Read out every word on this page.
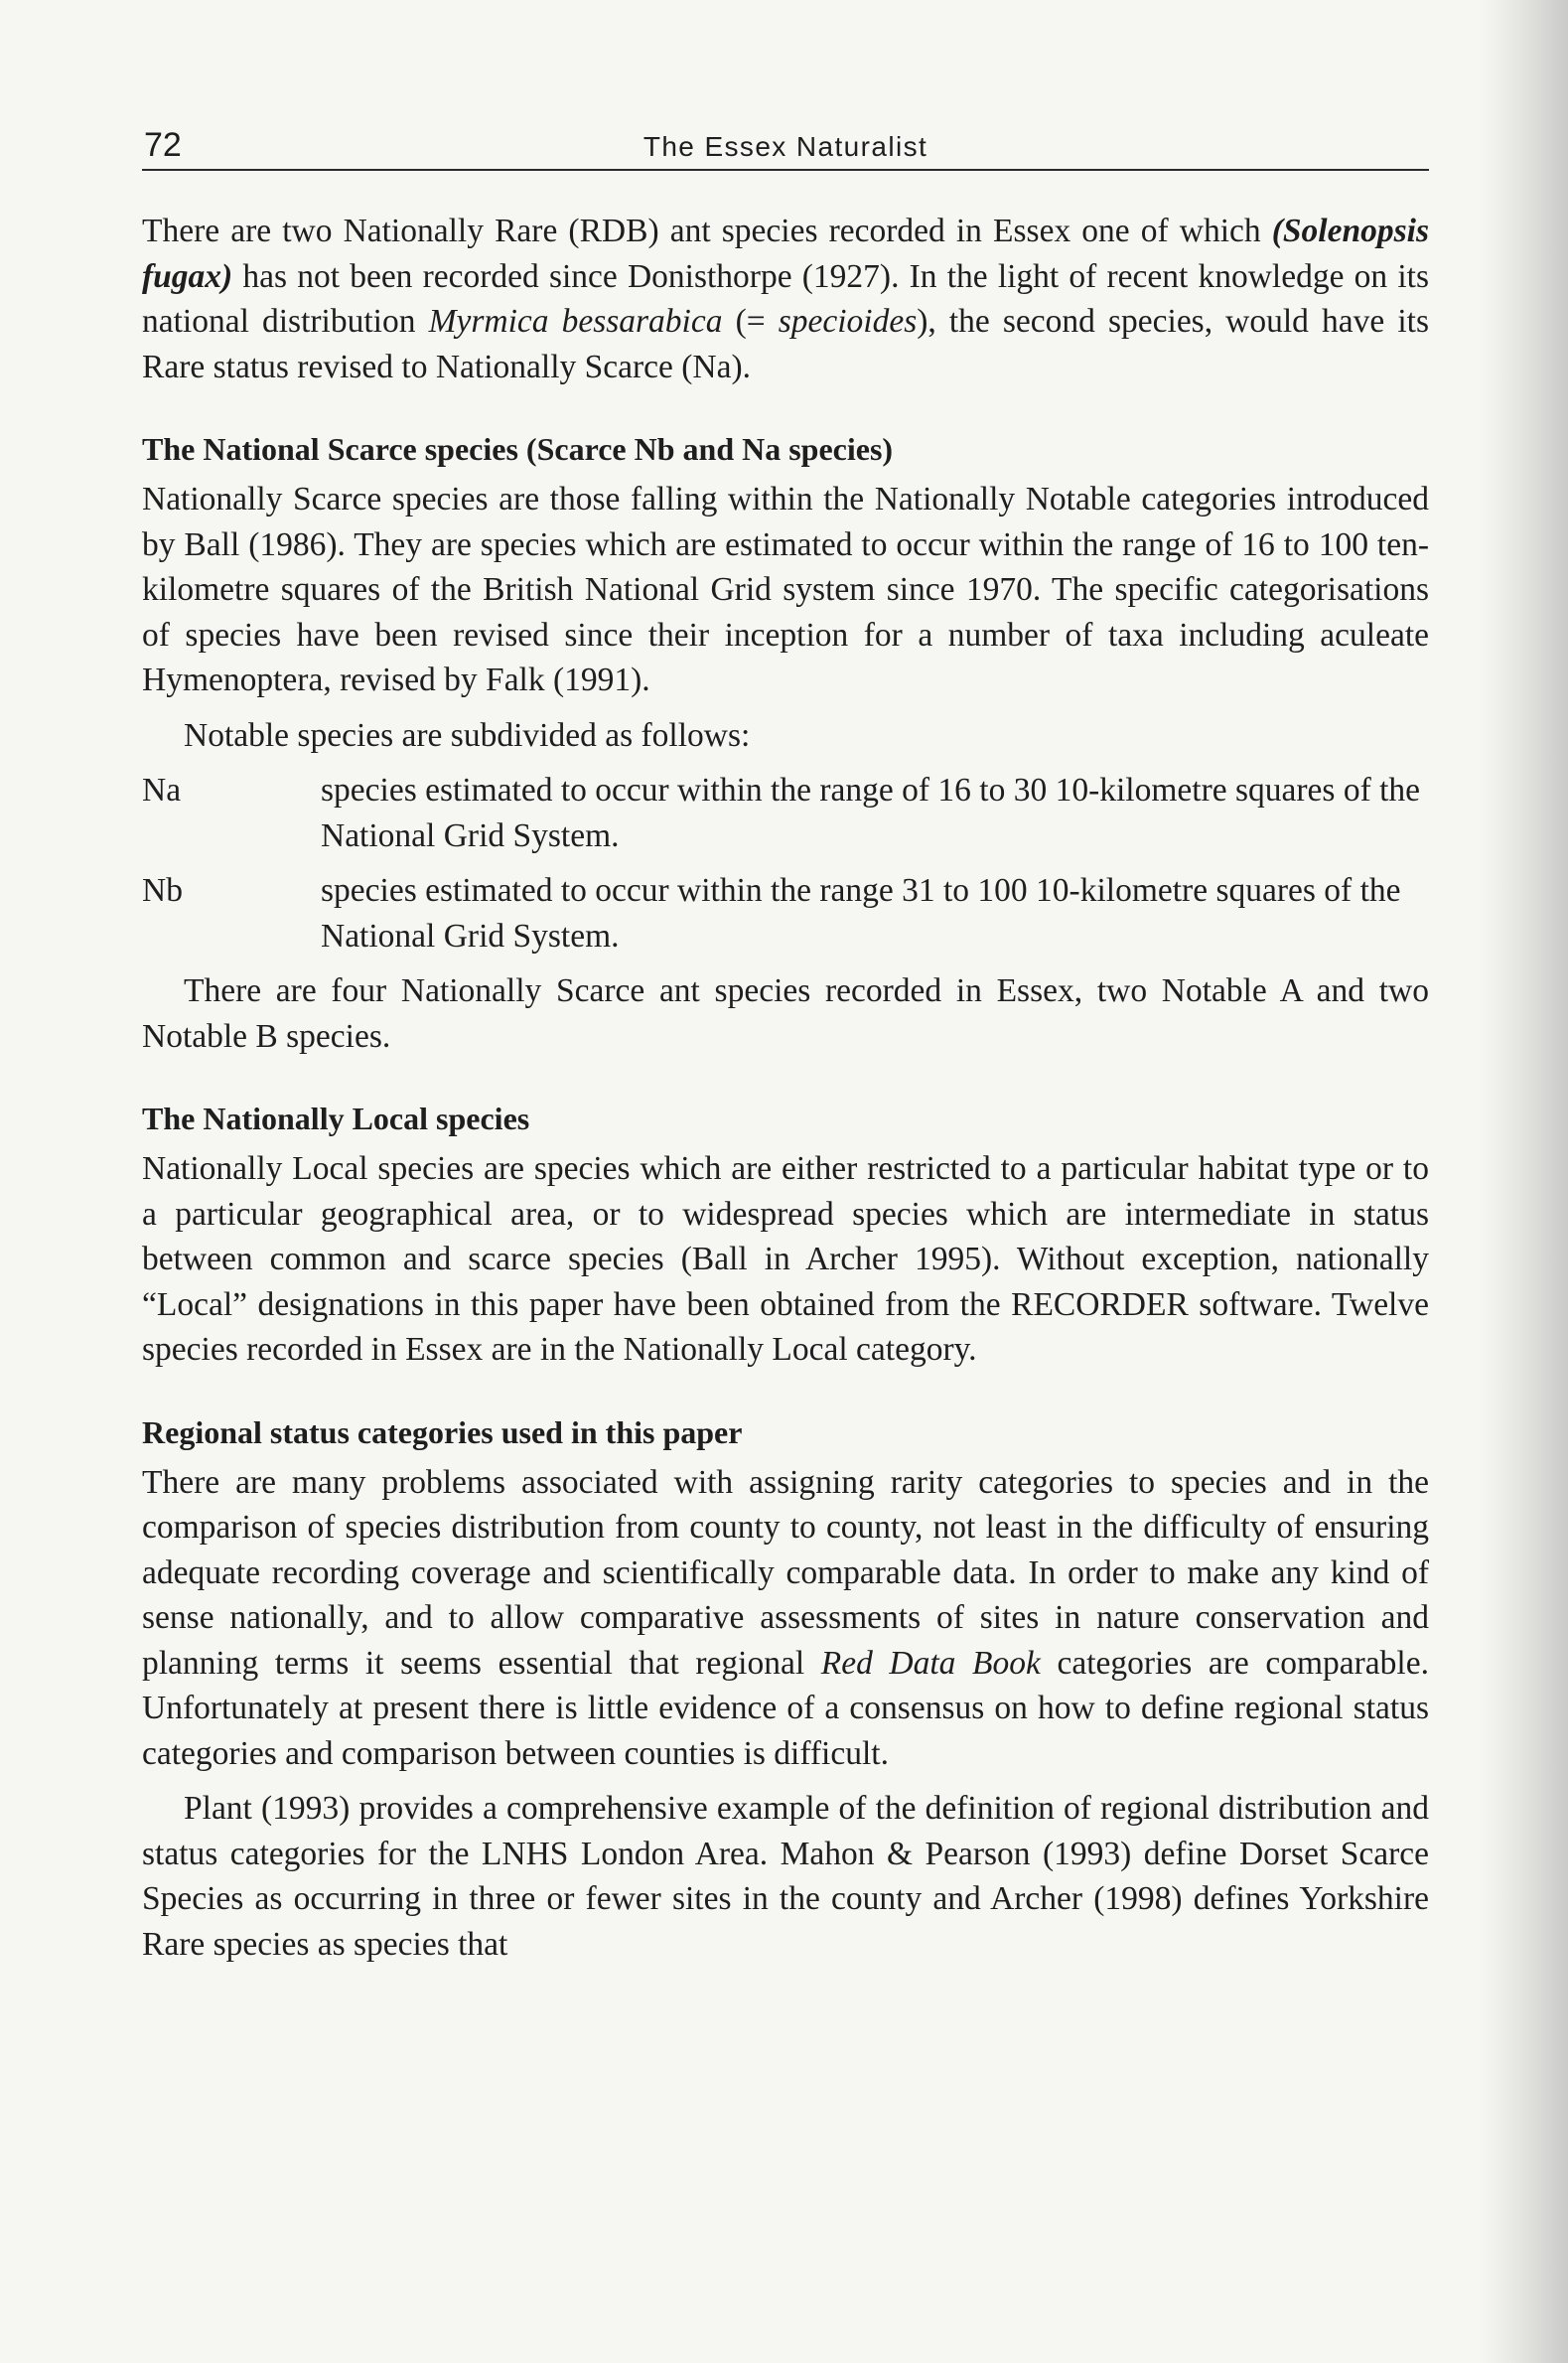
72	The Essex Naturalist

There are two Nationally Rare (RDB) ant species recorded in Essex one of which (Solenopsis fugax) has not been recorded since Donisthorpe (1927). In the light of recent knowledge on its national distribution Myrmica bessarabica (= specioides), the second species, would have its Rare status revised to Nationally Scarce (Na).

The National Scarce species (Scarce Nb and Na species)

Nationally Scarce species are those falling within the Nationally Notable categories introduced by Ball (1986). They are species which are estimated to occur within the range of 16 to 100 ten-kilometre squares of the British National Grid system since 1970. The specific categorisations of species have been revised since their inception for a number of taxa including aculeate Hymenoptera, revised by Falk (1991).

Notable species are subdivided as follows:

Na	species estimated to occur within the range of 16 to 30 10-kilometre squares of the National Grid System.
Nb	species estimated to occur within the range 31 to 100 10-kilometre squares of the National Grid System.

There are four Nationally Scarce ant species recorded in Essex, two Notable A and two Notable B species.

The Nationally Local species

Nationally Local species are species which are either restricted to a particular habitat type or to a particular geographical area, or to widespread species which are intermediate in status between common and scarce species (Ball in Archer 1995). Without exception, nationally “Local” designations in this paper have been obtained from the RECORDER software. Twelve species recorded in Essex are in the Nationally Local category.

Regional status categories used in this paper

There are many problems associated with assigning rarity categories to species and in the comparison of species distribution from county to county, not least in the difficulty of ensuring adequate recording coverage and scientifically comparable data. In order to make any kind of sense nationally, and to allow comparative assessments of sites in nature conservation and planning terms it seems essential that regional Red Data Book categories are comparable. Unfortunately at present there is little evidence of a consensus on how to define regional status categories and comparison between counties is difficult.

Plant (1993) provides a comprehensive example of the definition of regional distribution and status categories for the LNHS London Area. Mahon & Pearson (1993) define Dorset Scarce Species as occurring in three or fewer sites in the county and Archer (1998) defines Yorkshire Rare species as species that
